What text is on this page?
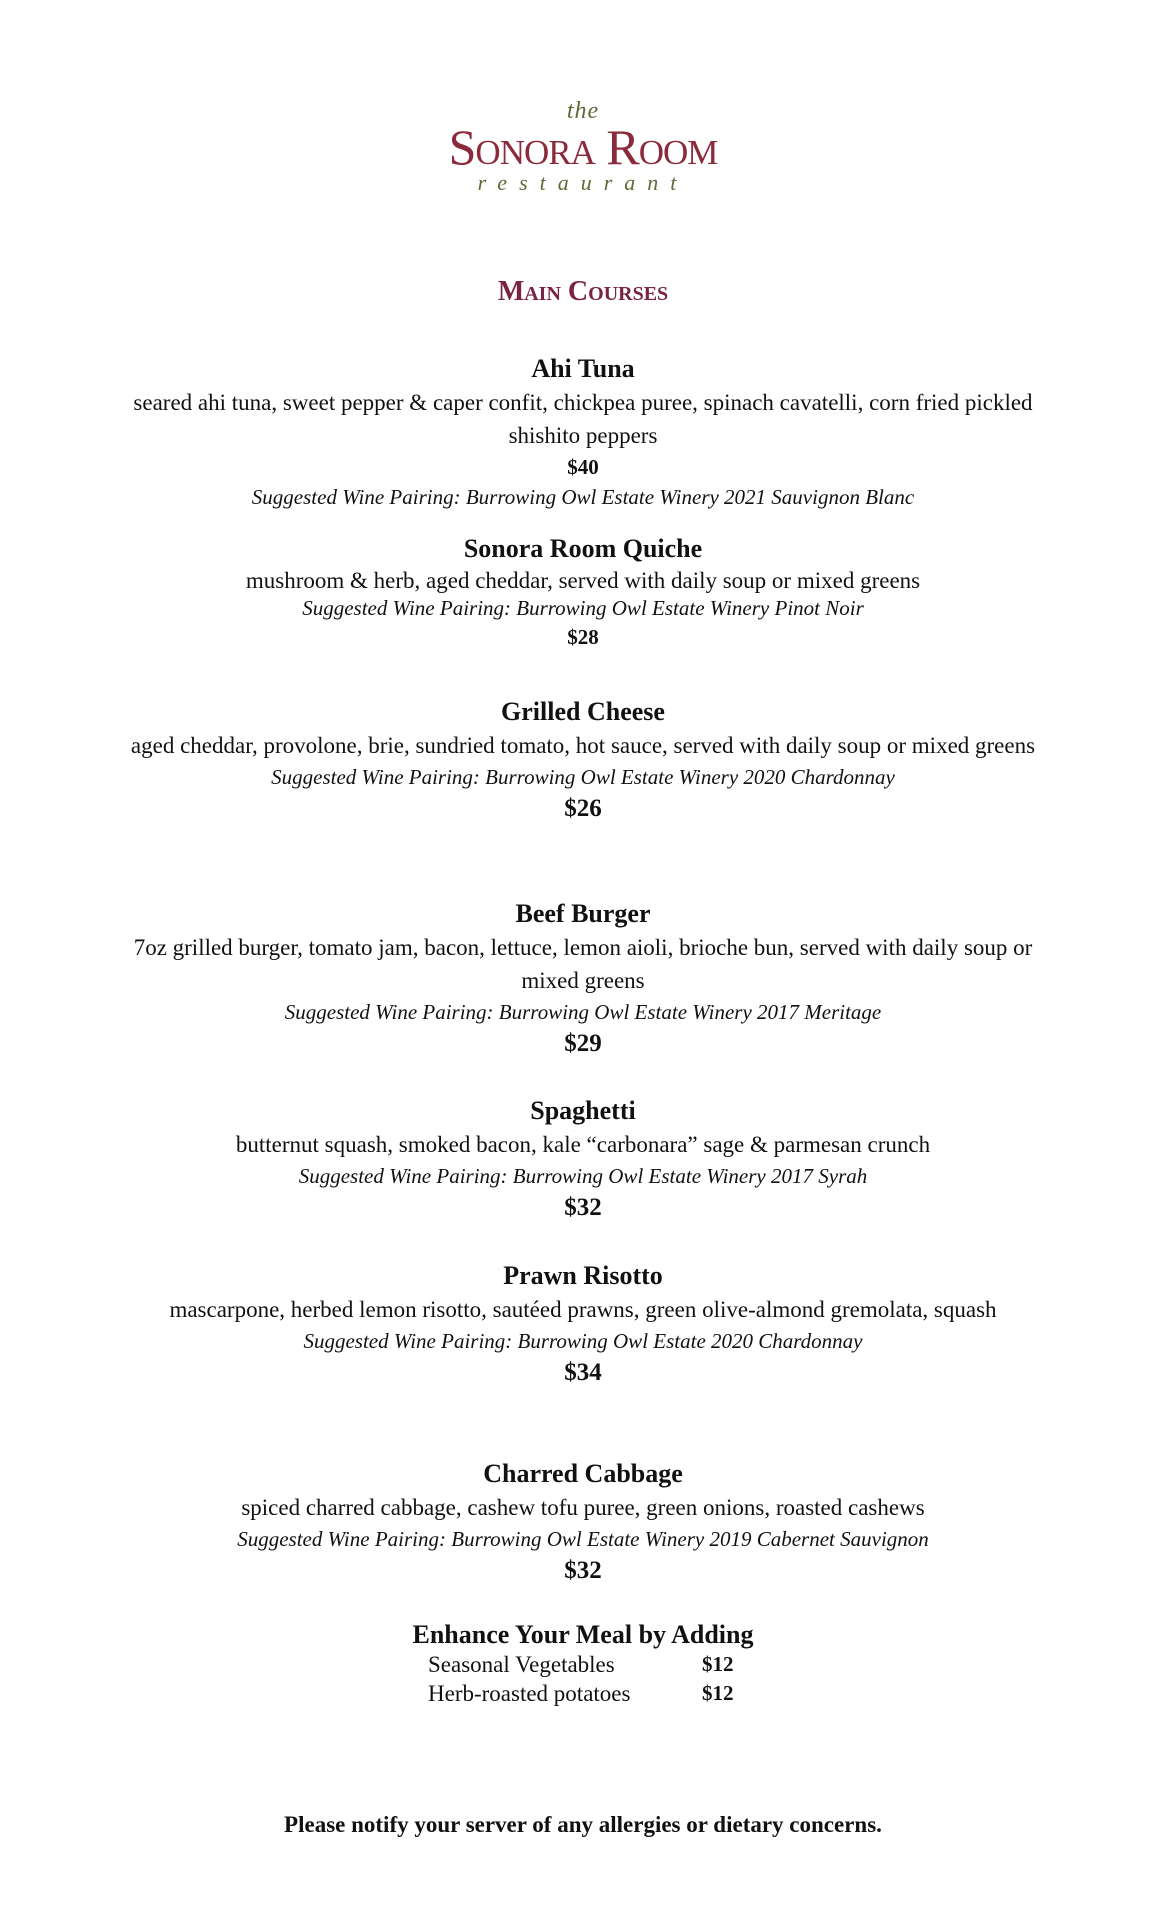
the
Sonora Room
restaurant
Main Courses
Ahi Tuna
seared ahi tuna, sweet pepper & caper confit, chickpea puree, spinach cavatelli, corn fried pickled shishito peppers
$40
Suggested Wine Pairing: Burrowing Owl Estate Winery 2021 Sauvignon Blanc
Sonora Room Quiche
mushroom & herb, aged cheddar, served with daily soup or mixed greens
Suggested Wine Pairing: Burrowing Owl Estate Winery Pinot Noir
$28
Grilled Cheese
aged cheddar, provolone, brie, sundried tomato, hot sauce, served with daily soup or mixed greens
Suggested Wine Pairing: Burrowing Owl Estate Winery 2020 Chardonnay
$26
Beef Burger
7oz grilled burger, tomato jam, bacon, lettuce, lemon aioli, brioche bun, served with daily soup or mixed greens
Suggested Wine Pairing: Burrowing Owl Estate Winery 2017 Meritage
$29
Spaghetti
butternut squash, smoked bacon, kale “carbonara” sage & parmesan crunch
Suggested Wine Pairing: Burrowing Owl Estate Winery 2017 Syrah
$32
Prawn Risotto
mascarpone, herbed lemon risotto, sautéed prawns, green olive-almond gremolata, squash
Suggested Wine Pairing: Burrowing Owl Estate 2020 Chardonnay
$34
Charred Cabbage
spiced charred cabbage, cashew tofu puree, green onions, roasted cashews
Suggested Wine Pairing: Burrowing Owl Estate Winery 2019 Cabernet Sauvignon
$32
Enhance Your Meal by Adding
Seasonal Vegetables	$12
Herb-roasted potatoes	$12
Please notify your server of any allergies or dietary concerns.
